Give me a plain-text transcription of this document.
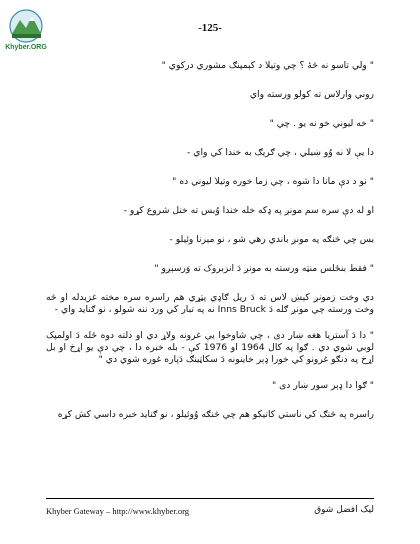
Khyber.ORG
-125-

" ولي تاسو نه څۀ ؟ چي وتيلا د کېمپنګ مشوري درکوي "

روني وارلاس ته کولو ورسته واي

" خه ليوني خو نه یو . چي "

دا يې لا نه وُو ښيلي ، چي ګريګ به خندا کي واي -

" نو د دې مانا دا شوه ، چي زما خوره وتيلا ليوني ده "

او له دې سره سم مونږ په ډکه خله خندا وُبس ته خنل شروع کړو -

بس چي څنګه په مونږ باندي رهي شو ، نو ميرنا وئيلو -

" فقط بنځلس منټه ورسته به مونږ دَ انزبروک ته وَرسېږو "

دي وخت زمونږ کېښ لاس ته دَ ريل ګاډي پټړي هم راسره سره مخته غزيدله او څه وخت ورسته چي مونږ ګله دَ Inns Bruck نه په تبار کي ورد ننه شولو ، نو ګنايد واي -

" دا دَ آستريا هغه ښار دی ، چي شاوخوا يې غرونه ولاړ دي او دلته دوه ځله دَ اولمپک لوبي شوي دي . ګوا په کال 1964 او 1976 کې - بله خبره دا ، چي دې يو اړخ او بل اړخ په دنګو غرونو کي خورا ډېر خاينونه دَ سکاټينګ دَپاره غوره شوي دي "

" ګوا دا ډېر سور ښار دی "

راسره په څنګ کي ناستي کاتيکو هم چي څنګه وُوئيلو ، نو ګنايد خبره داسي کش کړه

Khyber Gateway – http://www.khyber.org	ليک افضل شوق
